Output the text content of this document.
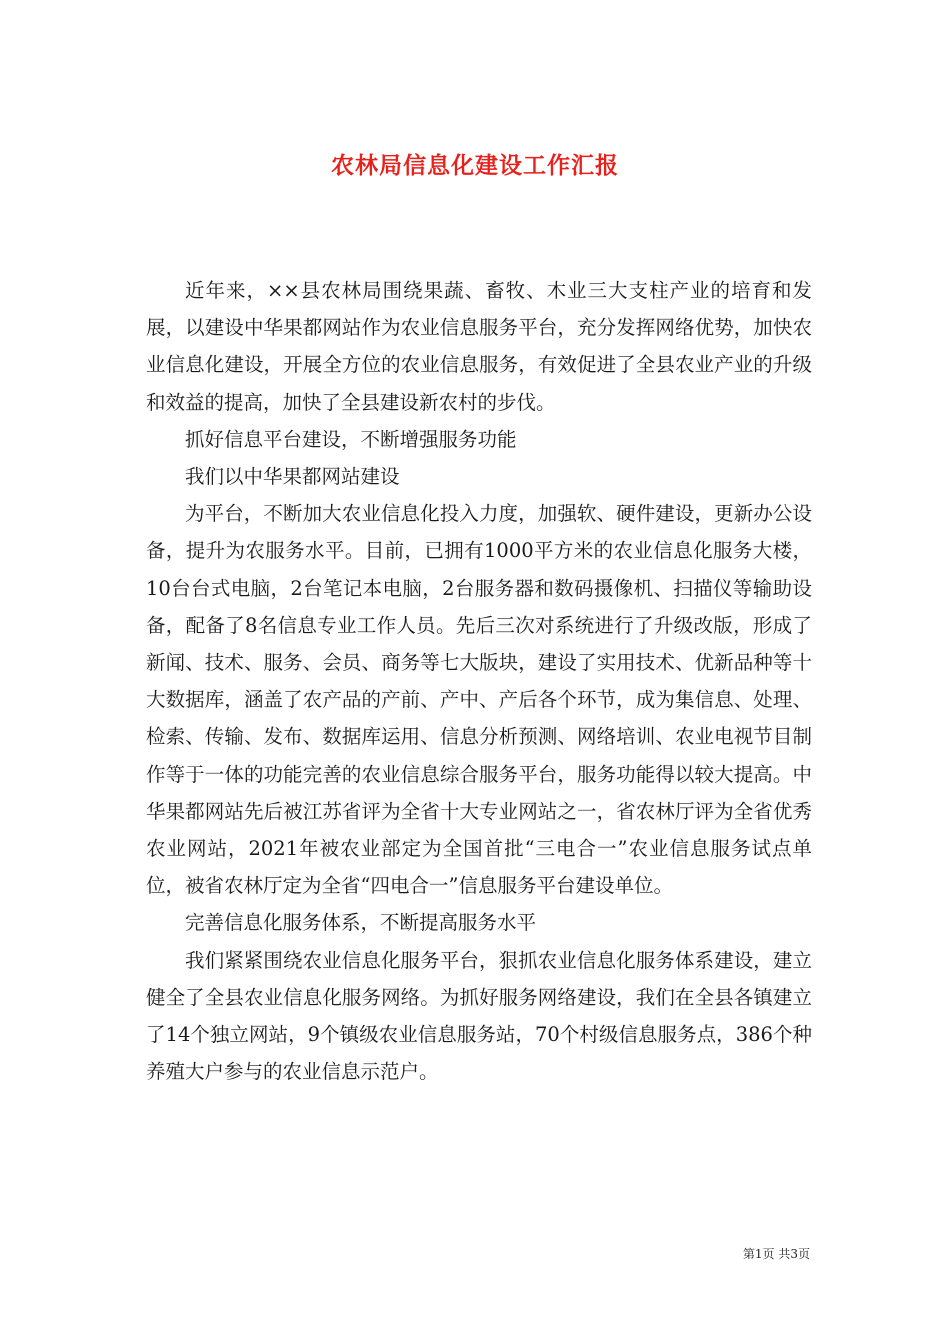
农林局信息化建设工作汇报

近年来，××县农林局围绕果蔬、畜牧、木业三大支柱产业的培育和发展，以建设中华果都网站作为农业信息服务平台，充分发挥网络优势，加快农业信息化建设，开展全方位的农业信息服务，有效促进了全县农业产业的升级和效益的提高，加快了全县建设新农村的步伐。

抓好信息平台建设，不断增强服务功能

我们以中华果都网站建设

为平台，不断加大农业信息化投入力度，加强软、硬件建设，更新办公设备，提升为农服务水平。目前，已拥有1000平方米的农业信息化服务大楼，10台台式电脑，2台笔记本电脑，2台服务器和数码摄像机、扫描仪等输助设备，配备了8名信息专业工作人员。先后三次对系统进行了升级改版，形成了新闻、技术、服务、会员、商务等七大版块，建设了实用技术、优新品种等十大数据库，涵盖了农产品的产前、产中、产后各个环节，成为集信息、处理、检索、传输、发布、数据库运用、信息分析预测、网络培训、农业电视节目制作等于一体的功能完善的农业信息综合服务平台，服务功能得以较大提高。中华果都网站先后被江苏省评为全省十大专业网站之一，省农林厅评为全省优秀农业网站，2021年被农业部定为全国首批“三电合一”农业信息服务试点单位，被省农林厅定为全省“四电合一”信息服务平台建设单位。

完善信息化服务体系，不断提高服务水平

我们紧紧围绕农业信息化服务平台，狠抓农业信息化服务体系建设，建立健全了全县农业信息化服务网络。为抓好服务网络建设，我们在全县各镇建立了14个独立网站，9个镇级农业信息服务站，70个村级信息服务点，386个种养殖大户参与的农业信息示范户。

第1页 共3页
